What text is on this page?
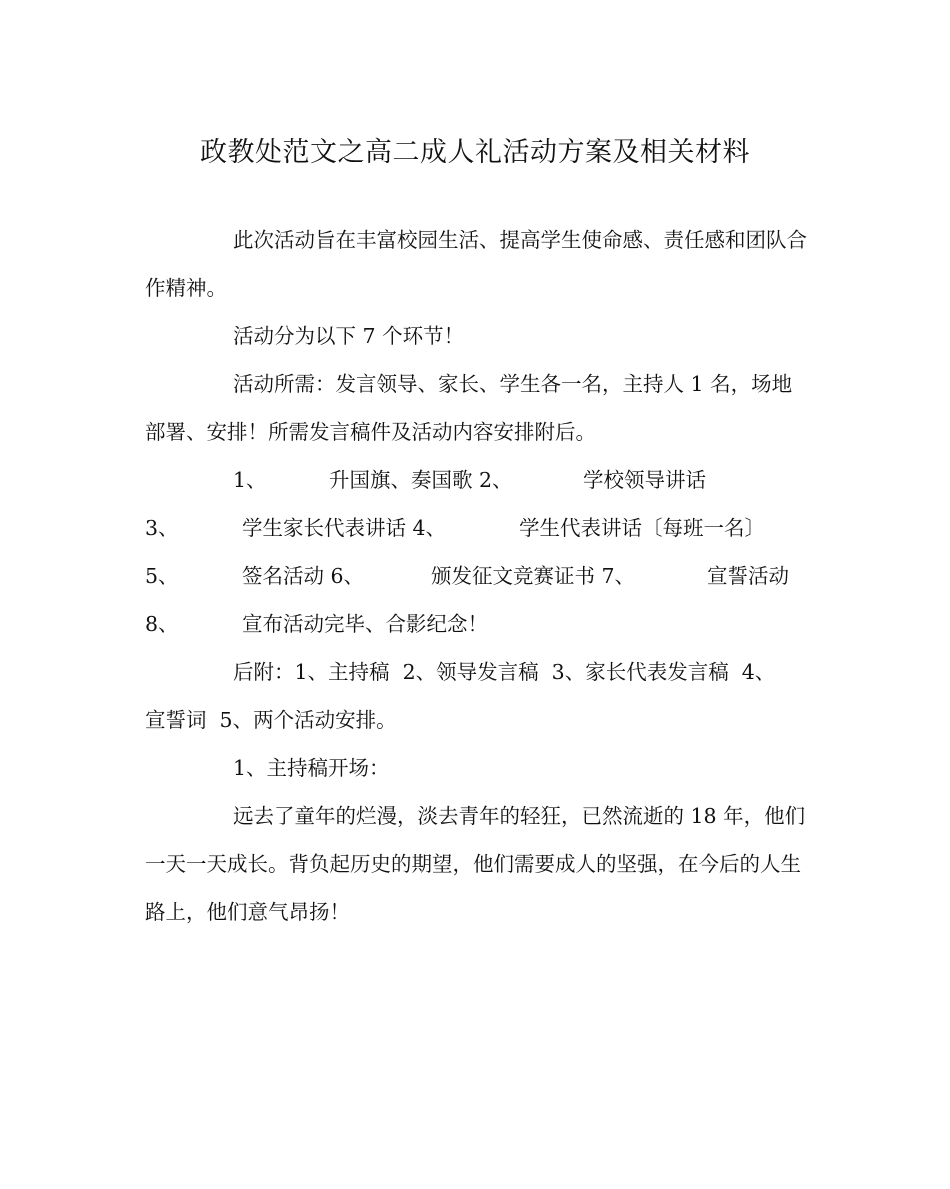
政教处范文之高二成人礼活动方案及相关材料

此次活动旨在丰富校园生活、提高学生使命感、责任感和团队合作精神。

活动分为以下 7 个环节！

活动所需：发言领导、家长、学生各一名，主持人 1 名，场地部署、安排！所需发言稿件及活动内容安排附后。

1、	升国旗、奏国歌 2、	学校领导讲话
3、	学生家长代表讲话 4、	学生代表讲话〔每班一名〕
5、	签名活动 6、	颁发征文竞赛证书 7、	宣誓活动
8、	宣布活动完毕、合影纪念！

后附：1、主持稿  2、领导发言稿  3、家长代表发言稿  4、

宣誓词  5、两个活动安排。

1、主持稿开场：

远去了童年的烂漫，淡去青年的轻狂，已然流逝的 18 年，他们一天一天成长。背负起历史的期望，他们需要成人的坚强，在今后的人生路上，他们意气昂扬！
